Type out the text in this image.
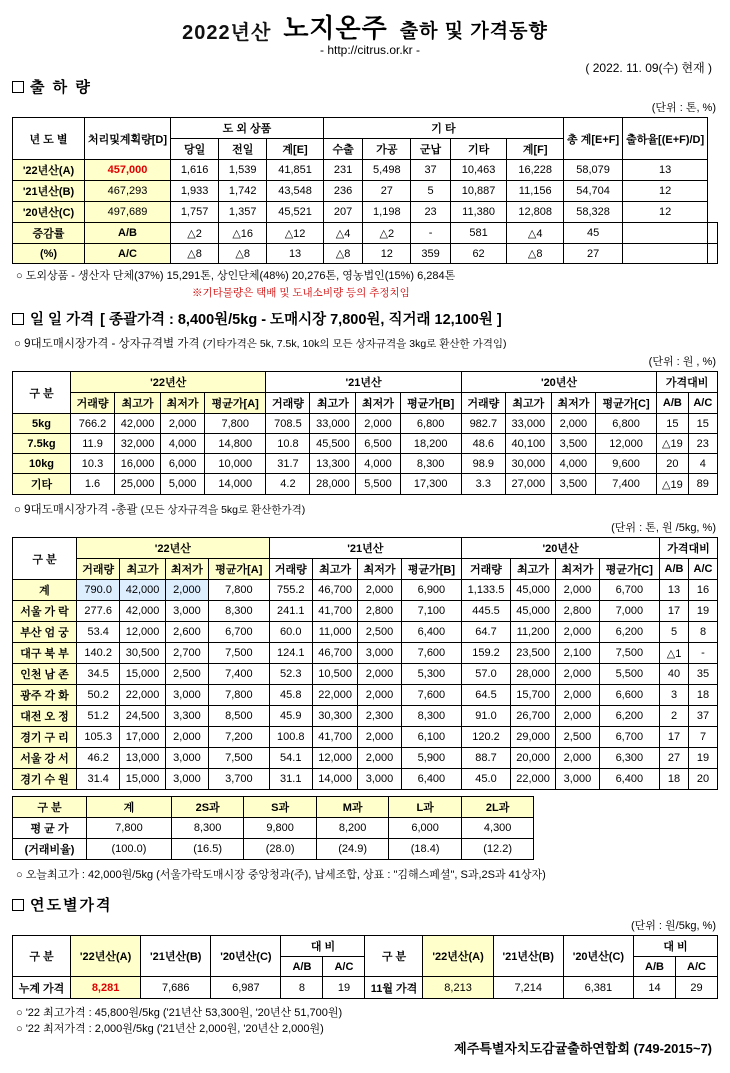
2022년산 노지온주 출하 및 가격동향
- http://citrus.or.kr -
( 2022. 11. 09(수) 현재 )
출 하 량
(단위 : 톤, %)
년 도 별	처리및계획량[D]	도 외 상품			기 타					총 계[E+F]	출하율[(E+F)/D]	
		당일	전일	계[E]	수출	가공	군납	기타	계[F]			
'22년산(A)	457,000	1,616	1,539	41,851	231	5,498	37	10,463	16,228	58,079	13	
'21년산(B)	467,293	1,933	1,742	43,548	236	27	5	10,887	11,156	54,704	12	
'20년산(C)	497,689	1,757	1,357	45,521	207	1,198	23	11,380	12,808	58,328	12	
증감률	A/B	△2	△16	△12	△4	△2	-	581	△4	45		
(%)	A/C	△8	△8	13	△8	12	359	62	△8	27		
○ 도외상품 - 생산자 단체(37%) 15,291톤, 상인단체(48%) 20,276톤, 영농법인(15%) 6,284톤
※기타물량은 택배 및 도내소비량 등의 추정치임
일 일 가격 [ 종괄가격 : 8,400원/5kg - 도매시장 7,800원, 직거래 12,100원 ]
○ 9대도매시장가격 - 상자규격별 가격 (기타가격은 5k, 7.5k, 10k의 모든 상자규격을 3kg로 환산한 가격임)
(단위 : 원 , %)
구 분	'22년산				'21년산				'20년산				가격대비	
	거래량	최고가	최저가	평균가[A]	거래량	최고가	최저가	평균가[B]	거래량	최고가	최저가	평균가[C]	A/B	A/C
5kg	766.2	42,000	2,000	7,800	708.5	33,000	2,000	6,800	982.7	33,000	2,000	6,800	15	15
7.5kg	11.9	32,000	4,000	14,800	10.8	45,500	6,500	18,200	48.6	40,100	3,500	12,000	△19	23
10kg	10.3	16,000	6,000	10,000	31.7	13,300	4,000	8,300	98.9	30,000	4,000	9,600	20	4
기타	1.6	25,000	5,000	14,000	4.2	28,000	5,500	17,300	3.3	27,000	3,500	7,400	△19	89
○ 9대도매시장가격 -총괄 (모든 상자규격을 5kg로 환산한가격)
(단위 : 톤, 원 /5kg, %)
구 분	'22년산				'21년산				'20년산				가격대비	
	거래량	최고가	최저가	평균가[A]	거래량	최고가	최저가	평균가[B]	거래량	최고가	최저가	평균가[C]	A/B	A/C
계	790.0	42,000	2,000	7,800	755.2	46,700	2,000	6,900	1,133.5	45,000	2,000	6,700	13	16
서울 가 락	277.6	42,000	3,000	8,300	241.1	41,700	2,800	7,100	445.5	45,000	2,800	7,000	17	19
부산 엄 궁	53.4	12,000	2,600	6,700	60.0	11,000	2,500	6,400	64.7	11,200	2,000	6,200	5	8
대구 북 부	140.2	30,500	2,700	7,500	124.1	46,700	3,000	7,600	159.2	23,500	2,100	7,500	△1	-
인천 남 존	34.5	15,000	2,500	7,400	52.3	10,500	2,000	5,300	57.0	28,000	2,000	5,500	40	35
광주 각 화	50.2	22,000	3,000	7,800	45.8	22,000	2,000	7,600	64.5	15,700	2,000	6,600	3	18
대전 오 정	51.2	24,500	3,300	8,500	45.9	30,300	2,300	8,300	91.0	26,700	2,000	6,200	2	37
경기 구 리	105.3	17,000	2,000	7,200	100.8	41,700	2,000	6,100	120.2	29,000	2,500	6,700	17	7
서울 강 서	46.2	13,000	3,000	7,500	54.1	12,000	2,000	5,900	88.7	20,000	2,000	6,300	27	19
경기 수 원	31.4	15,000	3,000	3,700	31.1	14,000	3,000	6,400	45.0	22,000	3,000	6,400	18	20
구 분	계	2S과	S과	M과	L과	2L과
평 균 가	7,800	8,300	9,800	8,200	6,000	4,300
(거래비율)	(100.0)	(16.5)	(28.0)	(24.9)	(18.4)	(12.2)
○ 오늘최고가 : 42,000원/5kg (서울가락도매시장 중앙청과(주), 납세조합, 상표 : "김해스페셜", S과,2S과 41상자)
연도별가격
(단위 : 원/5kg, %)
구 분	'22년산(A)	'21년산(B)	'20년산(C)	대 비		구 분	'22년산(A)	'21년산(B)	'20년산(C)	대 비	
				A/B	A/C					A/B	A/C
누계 가격	8,281	7,686	6,987	8	19	11월 가격	8,213	7,214	6,381	14	29
○ '22 최고가격 : 45,800원/5kg ('21년산 53,300원, '20년산 51,700원)
○ '22 최저가격 : 2,000원/5kg ('21년산 2,000원, '20년산 2,000원)
제주특별자치도감귤출하연합회 (749-2015~7)
